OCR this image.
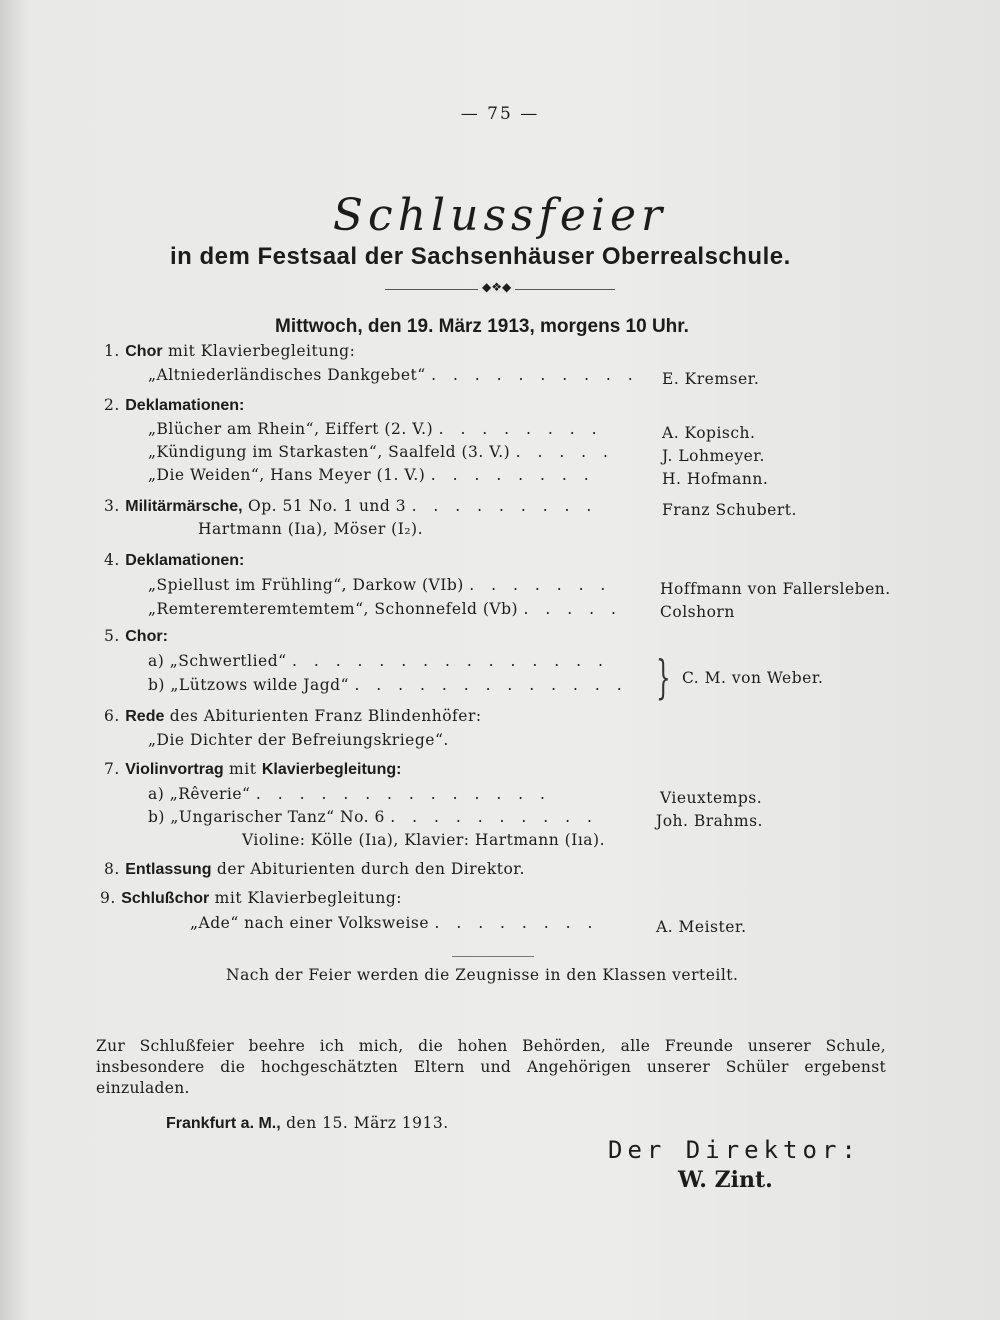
— 75 —
Schlussfeier
in dem Festsaal der Sachsenhäuser Oberrealschule.
◆❖◆
Mittwoch, den 19. März 1913, morgens 10 Uhr.
1. Chor mit Klavierbegleitung:
„Altniederländisches Dankgebet“ . . . . . . . . . . E. Kremser.
2. Deklamationen:
„Blücher am Rhein“, Eiffert (2. V.) . . . . . . . .	A. Kopisch.
„Kündigung im Starkasten“, Saalfeld (3. V.) . . . . .	J. Lohmeyer.
„Die Weiden“, Hans Meyer (1. V.) . . . . . . . .	H. Hofmann.
3. Militärmärsche, Op. 51 No. 1 und 3 . . . . . . . . .	Franz Schubert.
Hartmann (Iıa), Möser (I₂).
4. Deklamationen:
„Spiellust im Frühling“, Darkow (VIb) . . . . . . .	Hoffmann von Fallersleben.
„Remteremteremtemtem“, Schonnefeld (Vb) . . . . . Colshorn
5. Chor:
a) „Schwertlied“ . . . . . . . . . . . . . . .
b) „Lützows wilde Jagd“ . . . . . . . . . . . . . } C. M. von Weber.
6. Rede des Abiturienten Franz Blindenhöfer:
„Die Dichter der Befreiungskriege“.
7. Violinvortrag mit Klavierbegleitung:
a) „Rêverie“ . . . . . . . . . . . . . .	Vieuxtemps.
b) „Ungarischer Tanz“ No. 6 . . . . . . . . . .	Joh. Brahms.
Violine: Kölle (Iıa), Klavier: Hartmann (Iıa).
8. Entlassung der Abiturienten durch den Direktor.
9. Schlußchor mit Klavierbegleitung:
„Ade“ nach einer Volksweise . . . . . . . .	A. Meister.
Nach der Feier werden die Zeugnisse in den Klassen verteilt.
Zur Schlußfeier beehre ich mich, die hohen Behörden, alle Freunde unserer Schule, insbesondere die hochgeschätzten Eltern und Angehörigen unserer Schüler ergebenst einzuladen.
Frankfurt a. M., den 15. März 1913.
Der Direktor:
W. Zint.
